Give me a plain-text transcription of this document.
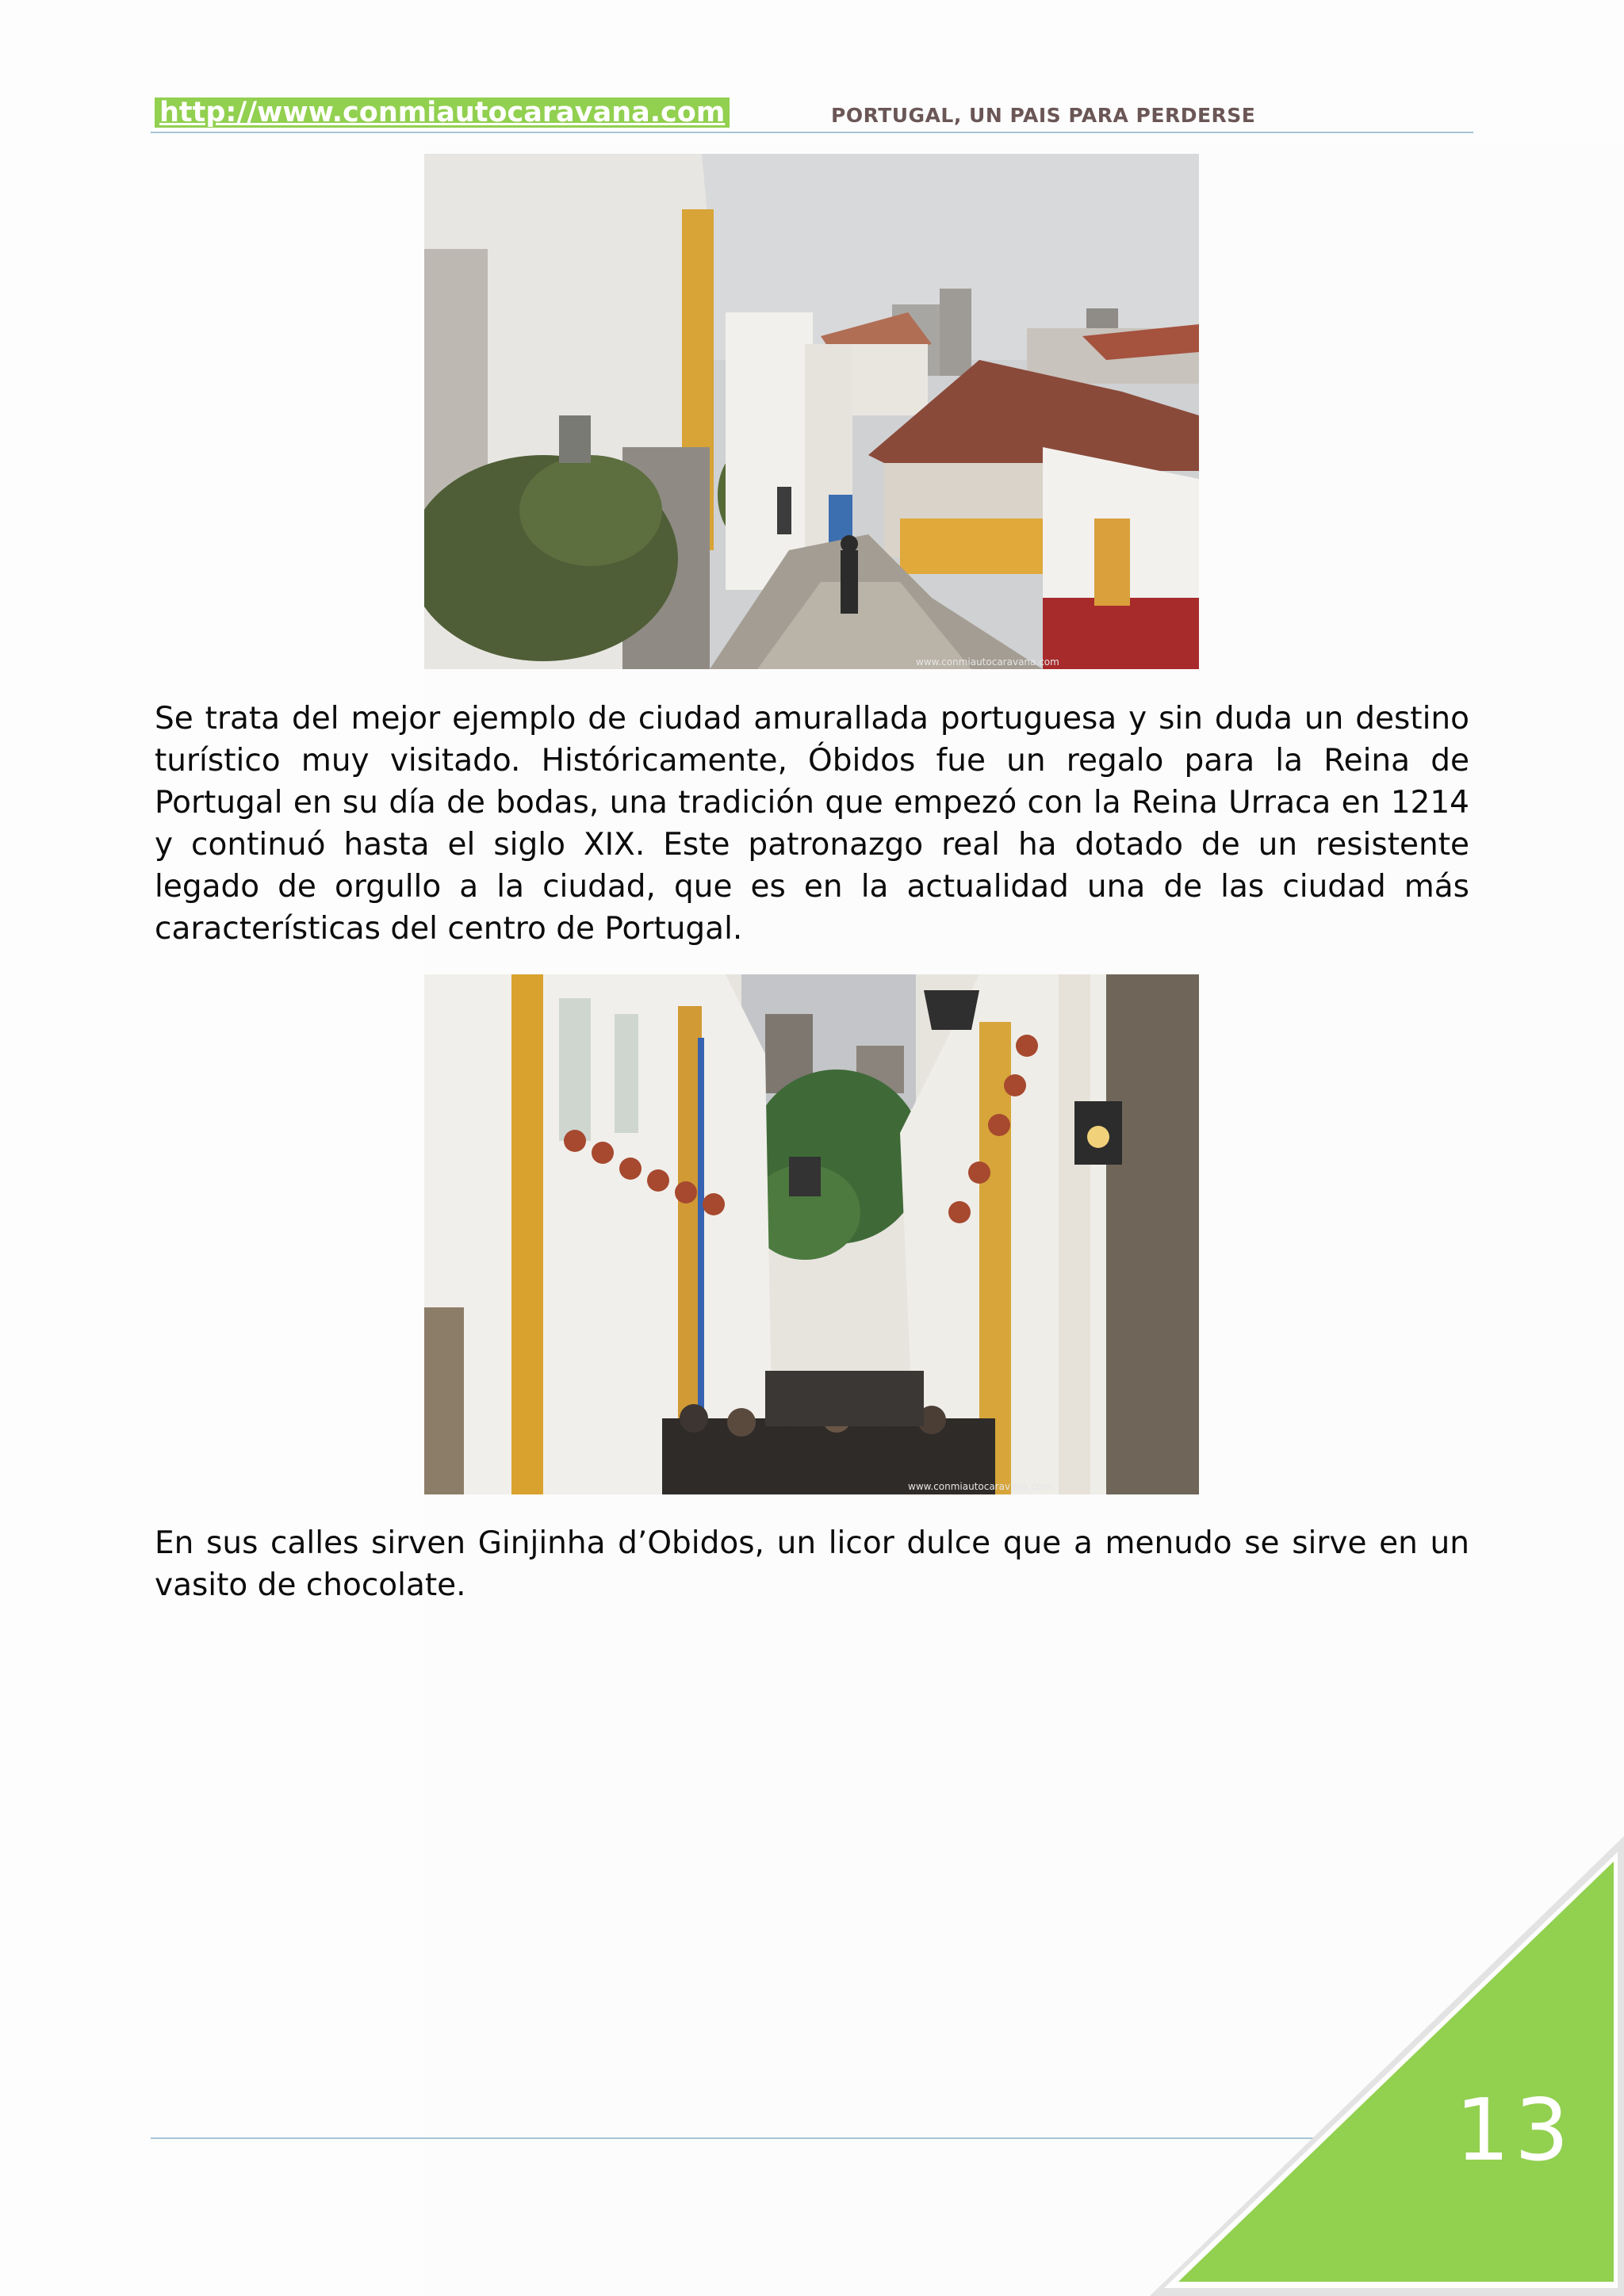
http://www.conmiautocaravana.com	PORTUGAL, UN PAIS PARA PERDERSE
www.conmiautocaravana.com

Se trata del mejor ejemplo de ciudad amurallada portuguesa y sin duda un destino turístico muy visitado. Históricamente, Óbidos fue un regalo para la Reina de Portugal en su día de bodas, una tradición que empezó con la Reina Urraca en 1214 y continuó hasta el siglo XIX. Este patronazgo real ha dotado de un resistente legado de orgullo a la ciudad, que es en la actualidad una de las ciudad más características del centro de Portugal.

www.conmiautocaravana.com

En sus calles sirven Ginjinha d’Obidos, un licor dulce que a menudo se sirve en un vasito de chocolate.

13
